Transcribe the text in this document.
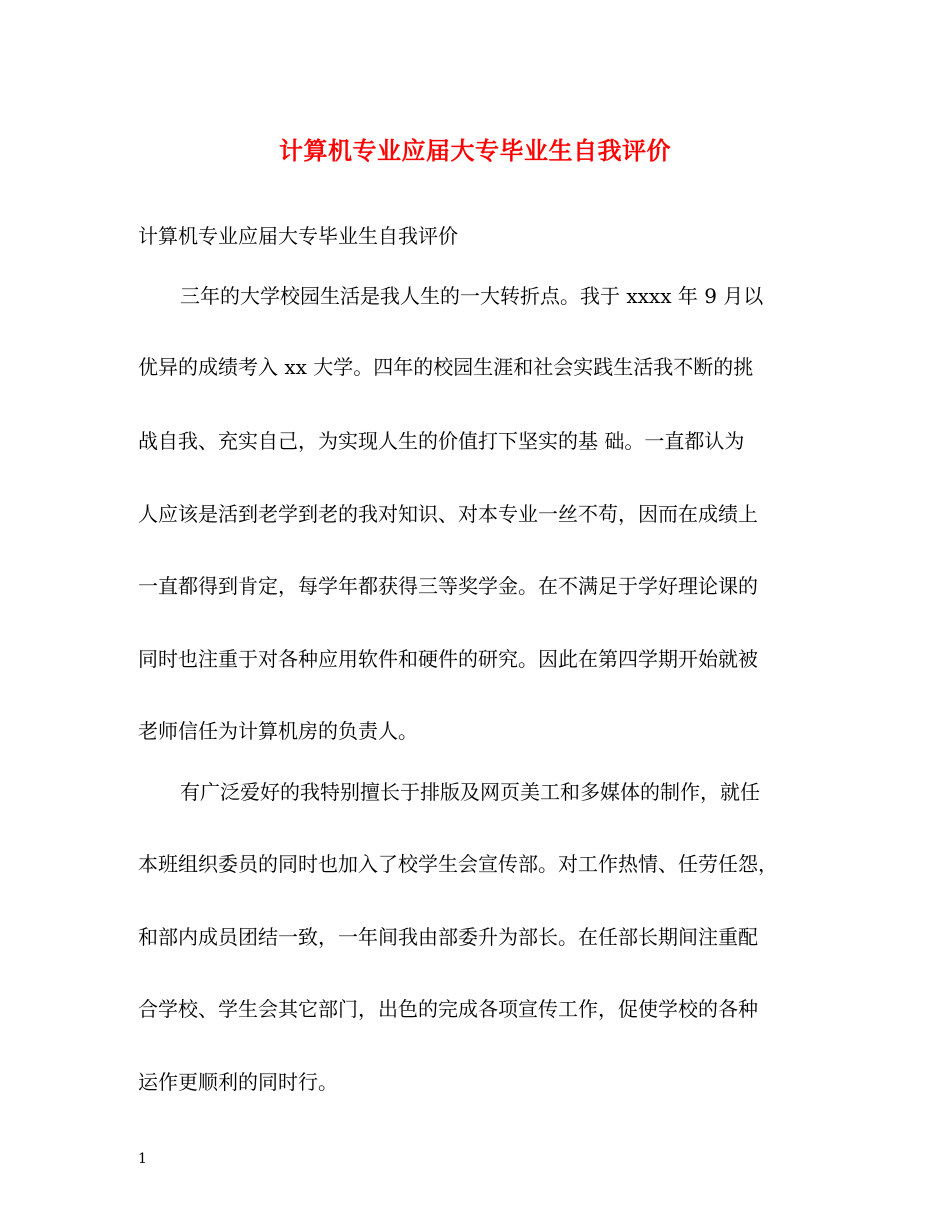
计算机专业应届大专毕业生自我评价
计算机专业应届大专毕业生自我评价
三年的大学校园生活是我人生的一大转折点。我于 xxxx 年 9 月以
优异的成绩考入 xx 大学。四年的校园生涯和社会实践生活我不断的挑
战自我、充实自己，为实现人生的价值打下坚实的基 础。一直都认为
人应该是活到老学到老的我对知识、对本专业一丝不苟，因而在成绩上
一直都得到肯定，每学年都获得三等奖学金。在不满足于学好理论课的
同时也注重于对各种应用软件和硬件的研究。因此在第四学期开始就被
老师信任为计算机房的负责人。
有广泛爱好的我特别擅长于排版及网页美工和多媒体的制作，就任
本班组织委员的同时也加入了校学生会宣传部。对工作热情、任劳任怨，
和部内成员团结一致，一年间我由部委升为部长。在任部长期间注重配
合学校、学生会其它部门，出色的完成各项宣传工作，促使学校的各种
运作更顺利的同时行。
1
